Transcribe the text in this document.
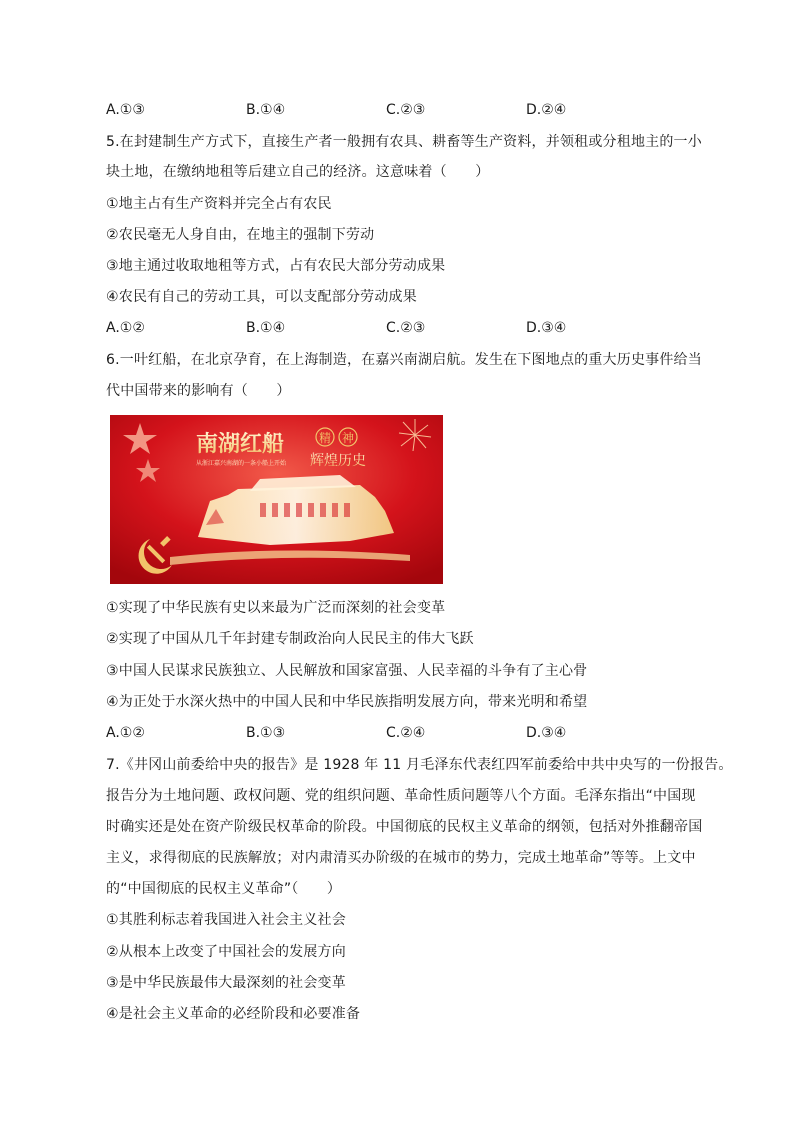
A.①③	B.①④	C.②③	D.②④
5.在封建制生产方式下，直接生产者一般拥有农具、耕畜等生产资料，并领租或分租地主的一小
块土地，在缴纳地租等后建立自己的经济。这意味着（　　）
①地主占有生产资料并完全占有农民
②农民毫无人身自由，在地主的强制下劳动
③地主通过收取地租等方式，占有农民大部分劳动成果
④农民有自己的劳动工具，可以支配部分劳动成果
A.①②	B.①④	C.②③	D.③④
6.一叶红船，在北京孕育，在上海制造，在嘉兴南湖启航。发生在下图地点的重大历史事件给当
代中国带来的影响有（　　）
南湖红船	精 神
从浙江嘉兴南湖的一条小船上开始 辉煌历史
①实现了中华民族有史以来最为广泛而深刻的社会变革
②实现了中国从几千年封建专制政治向人民民主的伟大飞跃
③中国人民谋求民族独立、人民解放和国家富强、人民幸福的斗争有了主心骨
④为正处于水深火热中的中国人民和中华民族指明发展方向，带来光明和希望
A.①②	B.①③	C.②④	D.③④
7.《井冈山前委给中央的报告》是 1928 年 11 月毛泽东代表红四军前委给中共中央写的一份报告。
报告分为土地问题、政权问题、党的组织问题、革命性质问题等八个方面。毛泽东指出“中国现
时确实还是处在资产阶级民权革命的阶段。中国彻底的民权主义革命的纲领，包括对外推翻帝国
主义，求得彻底的民族解放；对内肃清买办阶级的在城市的势力，完成土地革命”等等。上文中
的“中国彻底的民权主义革命”（　　）
①其胜利标志着我国进入社会主义社会
②从根本上改变了中国社会的发展方向
③是中华民族最伟大最深刻的社会变革
④是社会主义革命的必经阶段和必要准备
